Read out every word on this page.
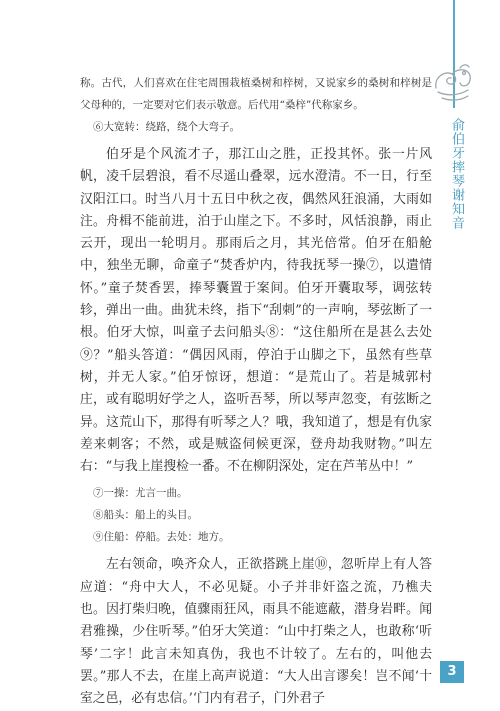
俞伯牙摔琴谢知音

称。古代，人们喜欢在住宅周围栽植桑树和梓树，又说家乡的桑树和梓树是父母种的，一定要对它们表示敬意。后代用“桑梓”代称家乡。

⑥大宽转：绕路，绕个大弯子。

伯牙是个风流才子，那江山之胜，正投其怀。张一片风帆，凌千层碧浪，看不尽遥山叠翠，远水澄清。不一日，行至汉阳江口。时当八月十五日中秋之夜，偶然风狂浪涌，大雨如注。舟楫不能前进，泊于山崖之下。不多时，风恬浪静，雨止云开，现出一轮明月。那雨后之月，其光倍常。伯牙在船舱中，独坐无聊，命童子“焚香炉内，待我抚琴一操⑦，以遣情怀。”童子焚香罢，捧琴囊置于案间。伯牙开囊取琴，调弦转轸，弹出一曲。曲犹未终，指下“刮刺”的一声响，琴弦断了一根。伯牙大惊，叫童子去问船头⑧：“这住船所在是甚么去处⑨？”船头答道：“偶因风雨，停泊于山脚之下，虽然有些草树，并无人家。”伯牙惊讶，想道：“是荒山了。若是城郭村庄，或有聪明好学之人，盗听吾琴，所以琴声忽变，有弦断之异。这荒山下，那得有听琴之人？哦，我知道了，想是有仇家差来刺客；不然，或是贼盗伺候更深，登舟劫我财物。”叫左右：“与我上崖搜检一番。不在柳阴深处，定在芦苇丛中！”

⑦一操：尤言一曲。

⑧船头：船上的头目。

⑨住船：停船。去处：地方。

左右领命，唤齐众人，正欲搭跳上崖⑩，忽听岸上有人答应道：“舟中大人，不必见疑。小子并非奸盗之流，乃樵夫也。因打柴归晚，值骤雨狂风，雨具不能遮蔽，潜身岩畔。闻君雅操，少住听琴。”伯牙大笑道：“山中打柴之人，也敢称‘听琴’二字！此言未知真伪，我也不计较了。左右的，叫他去罢。”那人不去，在崖上高声说道：“大人出言谬矣！岂不闻‘十室之邑，必有忠信。’‘门内有君子，门外君子

3
